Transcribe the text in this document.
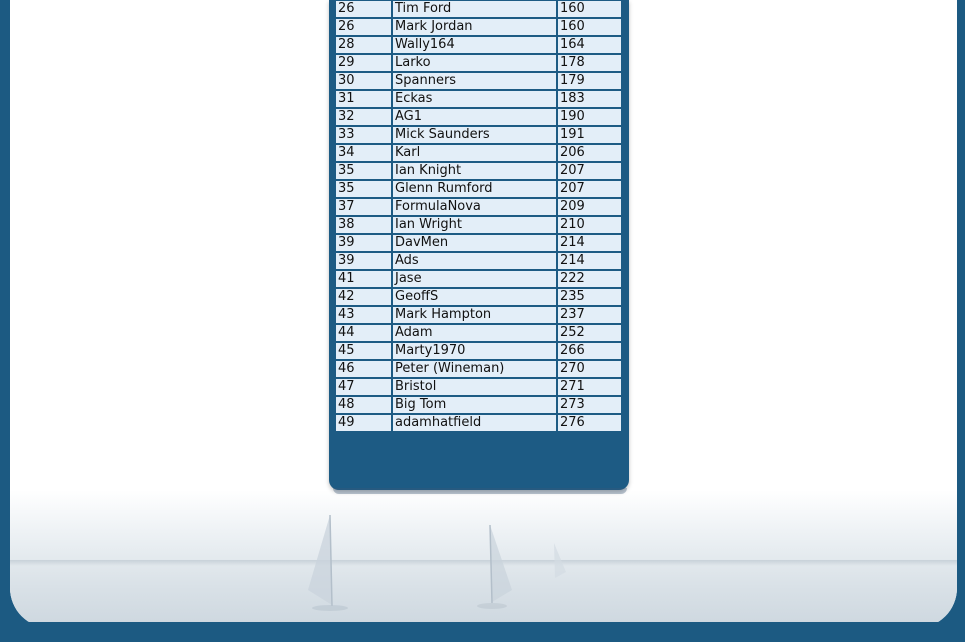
26	Tim Ford	160
26	Mark Jordan	160
28	Wally164	164
29	Larko	178
30	Spanners	179
31	Eckas	183
32	AG1	190
33	Mick Saunders	191
34	Karl	206
35	Ian Knight	207
35	Glenn Rumford	207
37	FormulaNova	209
38	Ian Wright	210
39	DavMen	214
39	Ads	214
41	Jase	222
42	GeoffS	235
43	Mark Hampton	237
44	Adam	252
45	Marty1970	266
46	Peter (Wineman)	270
47	Bristol	271
48	Big Tom	273
49	adamhatfield	276
